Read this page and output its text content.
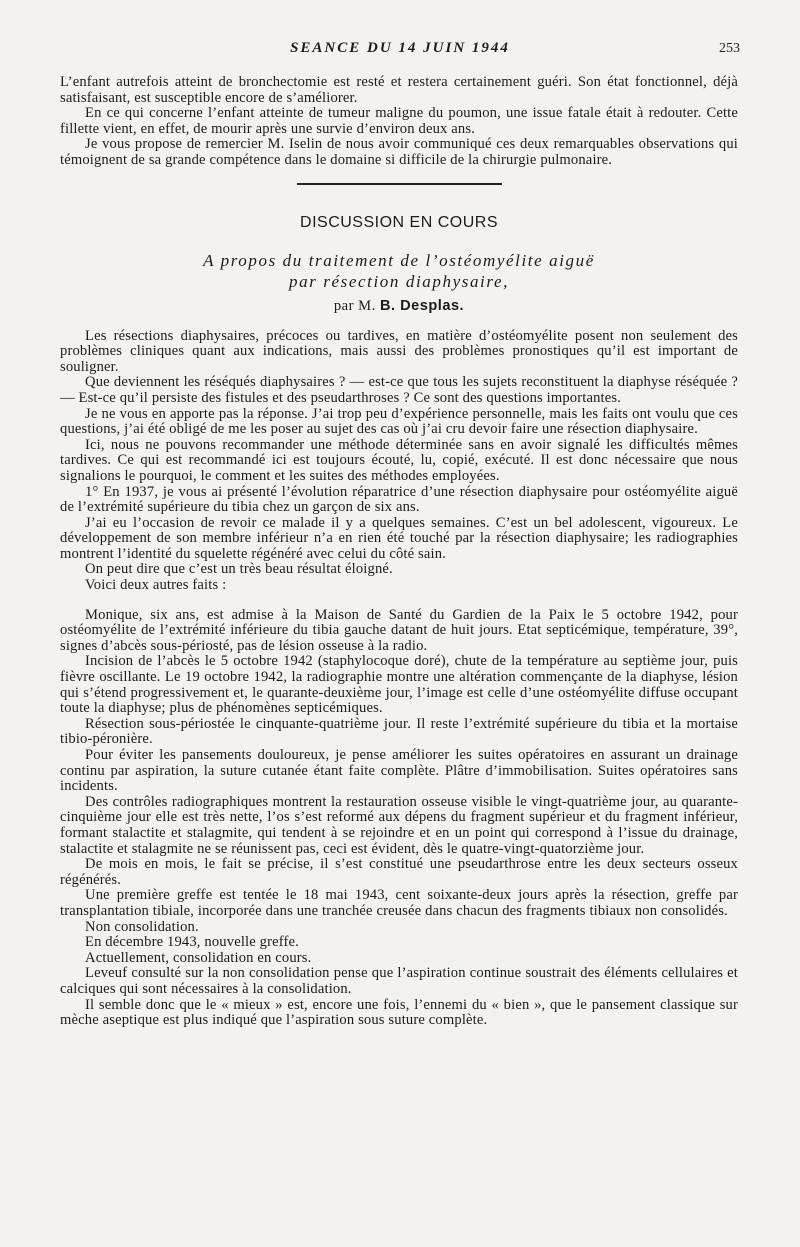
SEANCE DU 14 JUIN 1944	253

L’enfant autrefois atteint de bronchectomie est resté et restera certainement guéri. Son état fonctionnel, déjà satisfaisant, est susceptible encore de s’améliorer.

En ce qui concerne l’enfant atteinte de tumeur maligne du poumon, une issue fatale était à redouter. Cette fillette vient, en effet, de mourir après une survie d’environ deux ans.

Je vous propose de remercier M. Iselin de nous avoir communiqué ces deux remarquables observations qui témoignent de sa grande compétence dans le domaine si difficile de la chirurgie pulmonaire.

DISCUSSION EN COURS
A propos du traitement de l’ostéomyélite aiguë
par résection diaphysaire,
par M. B. Desplas.

Les résections diaphysaires, précoces ou tardives, en matière d’ostéomyélite posent non seulement des problèmes cliniques quant aux indications, mais aussi des problèmes pronostiques qu’il est important de souligner.

Que deviennent les réséqués diaphysaires ? — est-ce que tous les sujets reconstituent la diaphyse réséquée ? — Est-ce qu’il persiste des fistules et des pseudarthroses ? Ce sont des questions importantes.

Je ne vous en apporte pas la réponse. J’ai trop peu d’expérience personnelle, mais les faits ont voulu que ces questions, j’ai été obligé de me les poser au sujet des cas où j’ai cru devoir faire une résection diaphysaire.

Ici, nous ne pouvons recommander une méthode déterminée sans en avoir signalé les difficultés mêmes tardives. Ce qui est recommandé ici est toujours écouté, lu, copié, exécuté. Il est donc nécessaire que nous signalions le pourquoi, le comment et les suites des méthodes employées.

1° En 1937, je vous ai présenté l’évolution réparatrice d’une résection diaphysaire pour ostéomyélite aiguë de l’extrémité supérieure du tibia chez un garçon de six ans.

J’ai eu l’occasion de revoir ce malade il y a quelques semaines. C’est un bel adolescent, vigoureux. Le développement de son membre inférieur n’a en rien été touché par la résection diaphysaire; les radiographies montrent l’identité du squelette régénéré avec celui du côté sain.

On peut dire que c’est un très beau résultat éloigné.

Voici deux autres faits :

Monique, six ans, est admise à la Maison de Santé du Gardien de la Paix le 5 octobre 1942, pour ostéomyélite de l’extrémité inférieure du tibia gauche datant de huit jours. Etat septicémique, température, 39°, signes d’abcès sous-périosté, pas de lésion osseuse à la radio.

Incision de l’abcès le 5 octobre 1942 (staphylocoque doré), chute de la température au septième jour, puis fièvre oscillante. Le 19 octobre 1942, la radiographie montre une altération commençante de la diaphyse, lésion qui s’étend progressivement et, le quarante-deuxième jour, l’image est celle d’une ostéomyélite diffuse occupant toute la diaphyse; plus de phénomènes septicémiques.

Résection sous-périostée le cinquante-quatrième jour. Il reste l’extrémité supérieure du tibia et la mortaise tibio-péronière.

Pour éviter les pansements douloureux, je pense améliorer les suites opératoires en assurant un drainage continu par aspiration, la suture cutanée étant faite complète. Plâtre d’immobilisation. Suites opératoires sans incidents.

Des contrôles radiographiques montrent la restauration osseuse visible le vingt-quatrième jour, au quarante-cinquième jour elle est très nette, l’os s’est reformé aux dépens du fragment supérieur et du fragment inférieur, formant stalactite et stalagmite, qui tendent à se rejoindre et en un point qui correspond à l’issue du drainage, stalactite et stalagmite ne se réunissent pas, ceci est évident, dès le quatre-vingt-quatorzième jour.

De mois en mois, le fait se précise, il s’est constitué une pseudarthrose entre les deux secteurs osseux régénérés.

Une première greffe est tentée le 18 mai 1943, cent soixante-deux jours après la résection, greffe par transplantation tibiale, incorporée dans une tranchée creusée dans chacun des fragments tibiaux non consolidés.

Non consolidation.

En décembre 1943, nouvelle greffe.

Actuellement, consolidation en cours.

Leveuf consulté sur la non consolidation pense que l’aspiration continue soustrait des éléments cellulaires et calciques qui sont nécessaires à la consolidation.

Il semble donc que le « mieux » est, encore une fois, l’ennemi du « bien », que le pansement classique sur mèche aseptique est plus indiqué que l’aspiration sous suture complète.
